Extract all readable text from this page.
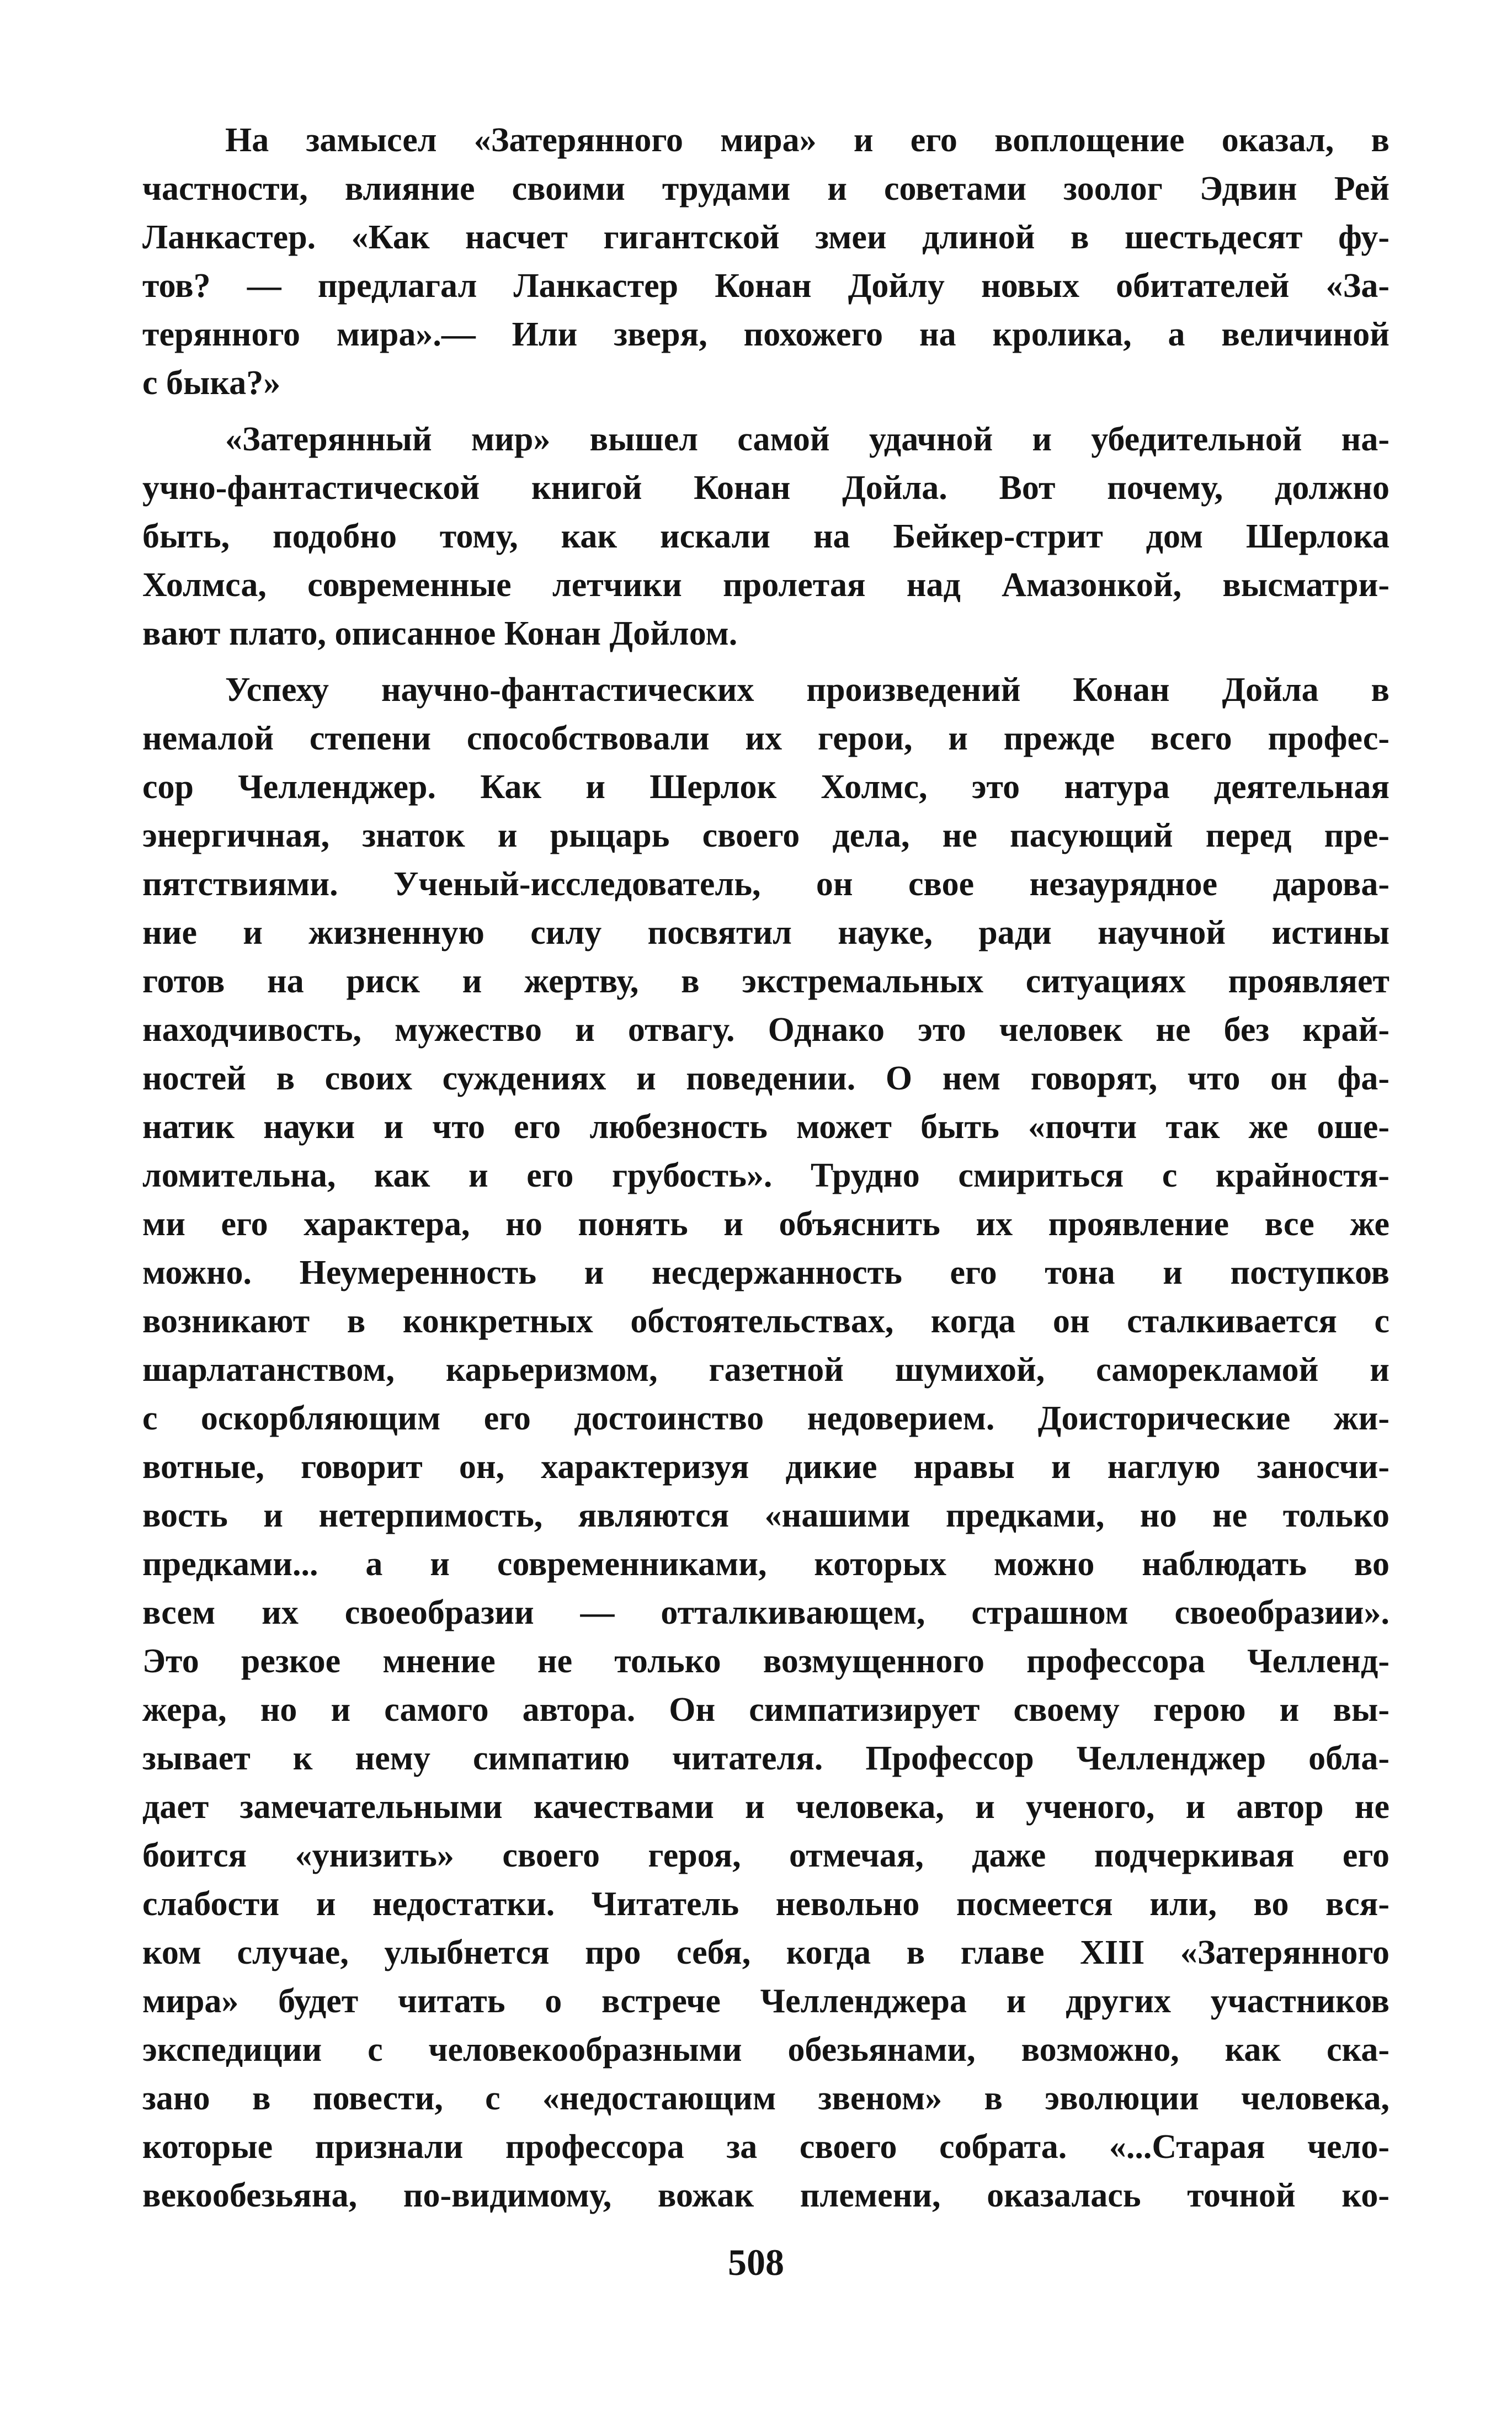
На замысел «Затерянного мира» и его воплощение оказал, в
частности, влияние своими трудами и советами зоолог Эдвин Рей
Ланкастер. «Как насчет гигантской змеи длиной в шестьдесят фу-
тов? — предлагал Ланкастер Конан Дойлу новых обитателей «За-
терянного мира».— Или зверя, похожего на кролика, а величиной
с быка?»
«Затерянный мир» вышел самой удачной и убедительной на-
учно-фантастической книгой Конан Дойла. Вот почему, должно
быть, подобно тому, как искали на Бейкер-стрит дом Шерлока
Холмса, современные летчики пролетая над Амазонкой, высматри-
вают плато, описанное Конан Дойлом.
Успеху научно-фантастических произведений Конан Дойла в
немалой степени способствовали их герои, и прежде всего профес-
сор Челленджер. Как и Шерлок Холмс, это натура деятельная
энергичная, знаток и рыцарь своего дела, не пасующий перед пре-
пятствиями. Ученый-исследователь, он свое незаурядное дарова-
ние и жизненную силу посвятил науке, ради научной истины
готов на риск и жертву, в экстремальных ситуациях проявляет
находчивость, мужество и отвагу. Однако это человек не без край-
ностей в своих суждениях и поведении. О нем говорят, что он фа-
натик науки и что его любезность может быть «почти так же оше-
ломительна, как и его грубость». Трудно смириться с крайностя-
ми его характера, но понять и объяснить их проявление все же
можно. Неумеренность и несдержанность его тона и поступков
возникают в конкретных обстоятельствах, когда он сталкивается с
шарлатанством, карьеризмом, газетной шумихой, саморекламой и
с оскорбляющим его достоинство недоверием. Доисторические жи-
вотные, говорит он, характеризуя дикие нравы и наглую заносчи-
вость и нетерпимость, являются «нашими предками, но не только
предками... а и современниками, которых можно наблюдать во
всем их своеобразии — отталкивающем, страшном своеобразии».
Это резкое мнение не только возмущенного профессора Челленд-
жера, но и самого автора. Он симпатизирует своему герою и вы-
зывает к нему симпатию читателя. Профессор Челленджер обла-
дает замечательными качествами и человека, и ученого, и автор не
боится «унизить» своего героя, отмечая, даже подчеркивая его
слабости и недостатки. Читатель невольно посмеется или, во вся-
ком случае, улыбнется про себя, когда в главе XIII «Затерянного
мира» будет читать о встрече Челленджера и других участников
экспедиции с человекообразными обезьянами, возможно, как ска-
зано в повести, с «недостающим звеном» в эволюции человека,
которые признали профессора за своего собрата. «...Старая чело-
векообезьяна, по-видимому, вожак племени, оказалась точной ко-
508
